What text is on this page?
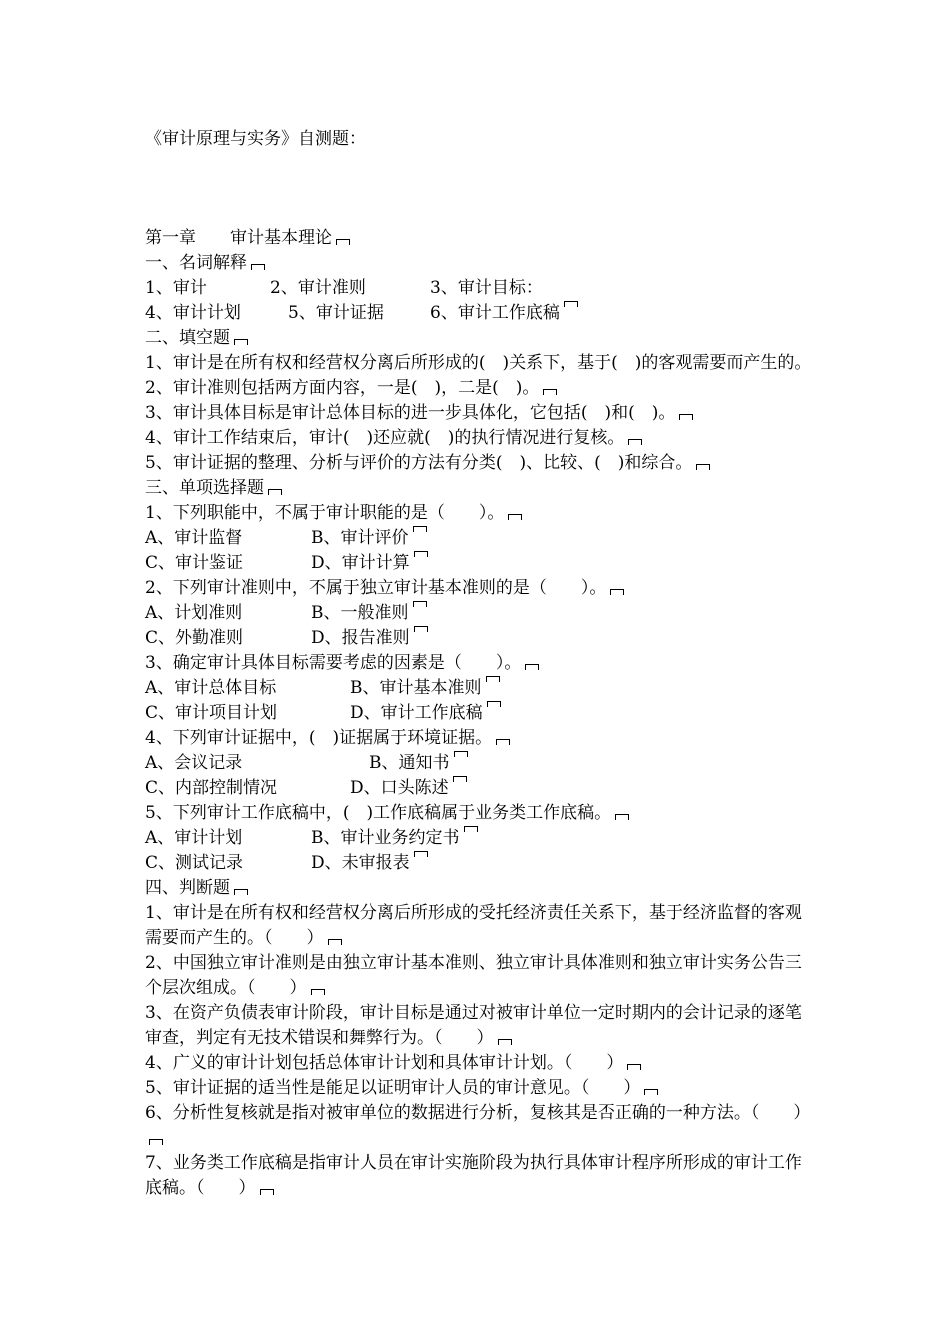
《审计原理与实务》自测题：
第一章　　审计基本理论
一、名词解释
1、审计	2、审计准则	3、审计目标：
4、审计计划	5、审计证据	6、审计工作底稿
二、填空题
1、审计是在所有权和经营权分离后所形成的(　)关系下，基于(　)的客观需要而产生的。
2、审计准则包括两方面内容，一是(　)，二是(　)。
3、审计具体目标是审计总体目标的进一步具体化，它包括(　)和(　)。
4、审计工作结束后，审计(　)还应就(　)的执行情况进行复核。
5、审计证据的整理、分析与评价的方法有分类(　)、比较、(　)和综合。
三、单项选择题
1、下列职能中，不属于审计职能的是（　　）。
A、审计监督	B、审计评价
C、审计鉴证	D、审计计算
2、下列审计准则中，不属于独立审计基本准则的是（　　）。
A、计划准则	B、一般准则
C、外勤准则	D、报告准则
3、确定审计具体目标需要考虑的因素是（　　）。
A、审计总体目标	B、审计基本准则
C、审计项目计划	D、审计工作底稿
4、下列审计证据中，(　)证据属于环境证据。
A、会议记录	B、通知书
C、内部控制情况	D、口头陈述
5、下列审计工作底稿中，(　)工作底稿属于业务类工作底稿。
A、审计计划	B、审计业务约定书
C、测试记录	D、未审报表
四、判断题
1、审计是在所有权和经营权分离后所形成的受托经济责任关系下，基于经济监督的客观需要而产生的。（　　）
2、中国独立审计准则是由独立审计基本准则、独立审计具体准则和独立审计实务公告三个层次组成。（　　）
3、在资产负债表审计阶段，审计目标是通过对被审计单位一定时期内的会计记录的逐笔审查，判定有无技术错误和舞弊行为。（　　）
4、广义的审计计划包括总体审计计划和具体审计计划。（　　）
5、审计证据的适当性是能足以证明审计人员的审计意见。（　　）
6、分析性复核就是指对被审单位的数据进行分析，复核其是否正确的一种方法。（　　）
7、业务类工作底稿是指审计人员在审计实施阶段为执行具体审计程序所形成的审计工作底稿。（　　）
